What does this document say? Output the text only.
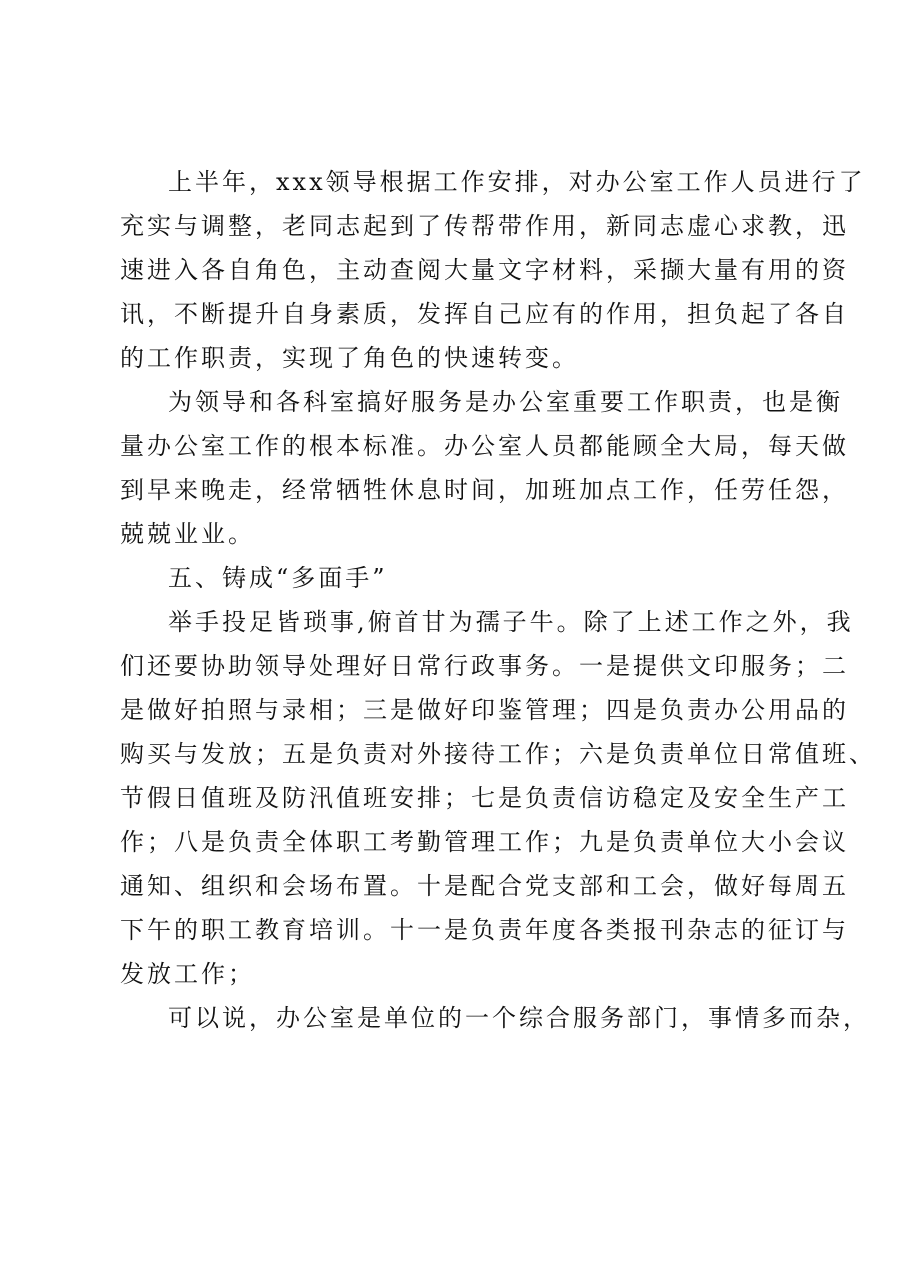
上半年，xxx领导根据工作安排，对办公室工作人员进行了
充实与调整，老同志起到了传帮带作用，新同志虚心求教，迅
速进入各自角色，主动查阅大量文字材料，采撷大量有用的资
讯，不断提升自身素质，发挥自己应有的作用，担负起了各自
的工作职责，实现了角色的快速转变。
为领导和各科室搞好服务是办公室重要工作职责，也是衡
量办公室工作的根本标准。办公室人员都能顾全大局，每天做
到早来晚走，经常牺牲休息时间，加班加点工作，任劳任怨，
兢兢业业。
五、铸成“多面手”
举手投足皆琐事,俯首甘为孺子牛。除了上述工作之外，我
们还要协助领导处理好日常行政事务。一是提供文印服务；二
是做好拍照与录相；三是做好印鉴管理；四是负责办公用品的
购买与发放；五是负责对外接待工作；六是负责单位日常值班、
节假日值班及防汛值班安排；七是负责信访稳定及安全生产工
作；八是负责全体职工考勤管理工作；九是负责单位大小会议
通知、组织和会场布置。十是配合党支部和工会，做好每周五
下午的职工教育培训。十一是负责年度各类报刊杂志的征订与
发放工作；
可以说，办公室是单位的一个综合服务部门，事情多而杂，
